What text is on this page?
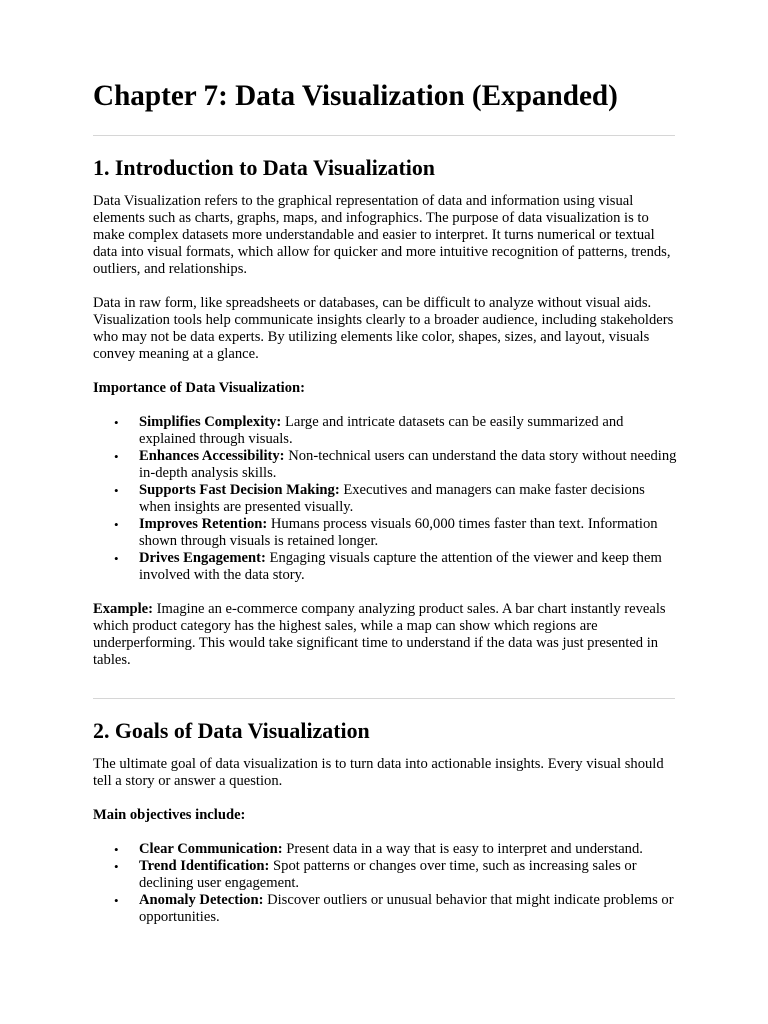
Chapter 7: Data Visualization (Expanded)
1. Introduction to Data Visualization

Data Visualization refers to the graphical representation of data and information using visual elements such as charts, graphs, maps, and infographics. The purpose of data visualization is to make complex datasets more understandable and easier to interpret. It turns numerical or textual data into visual formats, which allow for quicker and more intuitive recognition of patterns, trends, outliers, and relationships.

Data in raw form, like spreadsheets or databases, can be difficult to analyze without visual aids. Visualization tools help communicate insights clearly to a broader audience, including stakeholders who may not be data experts. By utilizing elements like color, shapes, sizes, and layout, visuals convey meaning at a glance.

Importance of Data Visualization:

• Simplifies Complexity: Large and intricate datasets can be easily summarized and explained through visuals.
• Enhances Accessibility: Non-technical users can understand the data story without needing in-depth analysis skills.
• Supports Fast Decision Making: Executives and managers can make faster decisions when insights are presented visually.
• Improves Retention: Humans process visuals 60,000 times faster than text. Information shown through visuals is retained longer.
• Drives Engagement: Engaging visuals capture the attention of the viewer and keep them involved with the data story.

Example: Imagine an e-commerce company analyzing product sales. A bar chart instantly reveals which product category has the highest sales, while a map can show which regions are underperforming. This would take significant time to understand if the data was just presented in tables.

2. Goals of Data Visualization

The ultimate goal of data visualization is to turn data into actionable insights. Every visual should tell a story or answer a question.

Main objectives include:

• Clear Communication: Present data in a way that is easy to interpret and understand.
• Trend Identification: Spot patterns or changes over time, such as increasing sales or declining user engagement.
• Anomaly Detection: Discover outliers or unusual behavior that might indicate problems or opportunities.
